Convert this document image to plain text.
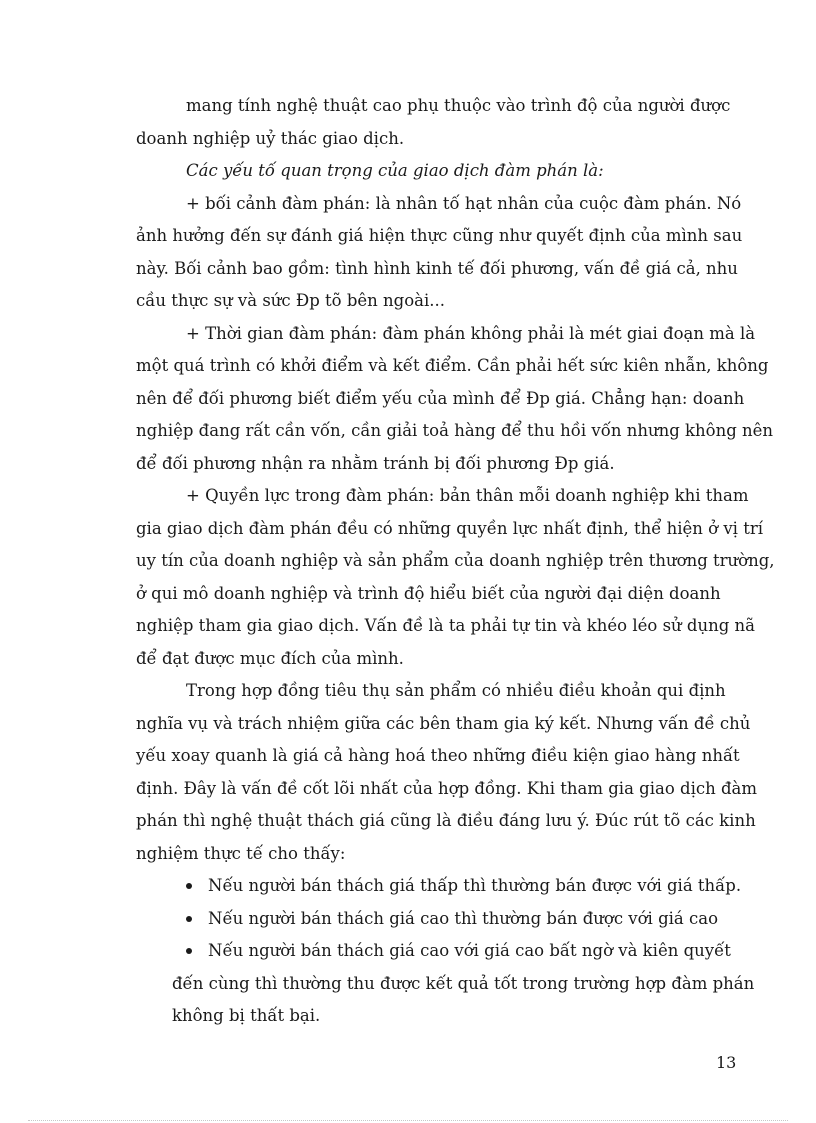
mang tính nghệ thuật cao phụ thuộc vào trình độ của người được
doanh nghiệp uỷ thác giao dịch.
Các yếu tố quan trọng của giao dịch đàm phán là:
+ bối cảnh đàm phán: là nhân tố hạt nhân của cuộc đàm phán. Nó
ảnh hưởng đến sự đánh giá hiện thực cũng như quyết định của mình sau
này. Bối cảnh bao gồm: tình hình kinh tế đối phương, vấn đề giá cả, nhu
cầu thực sự và sức Đp tõ bên ngoài...
+ Thời gian đàm phán: đàm phán không phải là mét giai đoạn mà là
một quá trình có khởi điểm và kết điểm. Cần phải hết sức kiên nhẫn, không
nên để đối phương biết điểm yếu của mình để Đp giá. Chẳng hạn: doanh
nghiệp đang rất cần vốn, cần giải toả hàng để thu hồi vốn nhưng không nên
để đối phương nhận ra nhằm tránh bị đối phương Đp giá.
+ Quyền lực trong đàm phán: bản thân mỗi doanh nghiệp khi tham
gia giao dịch đàm phán đều có những quyền lực nhất định, thể hiện ở vị trí
uy tín của doanh nghiệp và sản phẩm của doanh nghiệp trên thương trường,
ở qui mô doanh nghiệp và trình độ hiểu biết của người đại diện doanh
nghiệp tham gia giao dịch. Vấn đề là ta phải tự tin và khéo léo sử dụng nã
để đạt được mục đích của mình.
Trong hợp đồng tiêu thụ sản phẩm có nhiều điều khoản qui định
nghĩa vụ và trách nhiệm giữa các bên tham gia ký kết. Nhưng vấn đề chủ
yếu xoay quanh là giá cả hàng hoá theo những điều kiện giao hàng nhất
định. Đây là vấn đề cốt lõi nhất của hợp đồng. Khi tham gia giao dịch đàm
phán thì nghệ thuật thách giá cũng là điều đáng lưu ý. Đúc rút tõ các kinh
nghiệm thực tế cho thấy:
Nếu người bán thách giá thấp thì thường bán được với giá thấp.
Nếu người bán thách giá cao thì thường bán được với giá cao
Nếu người bán thách giá cao với giá cao bất ngờ và kiên quyết
đến cùng thì thường thu được kết quả tốt trong trường hợp đàm phán
không bị thất bại.
13
